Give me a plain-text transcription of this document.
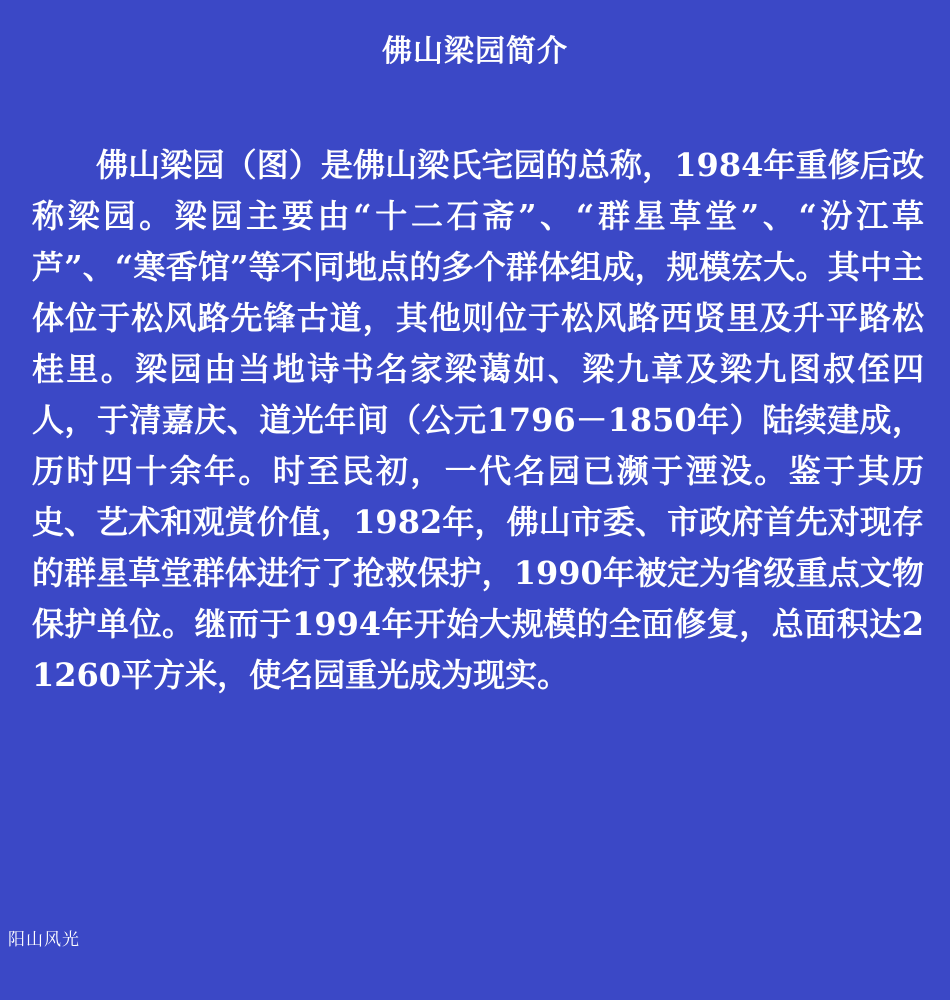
佛山梁园简介

佛山梁园（图）是佛山梁氏宅园的总称，1984年重修后改称梁园。梁园主要由“十二石斋”、“群星草堂”、“汾江草芦”、“寒香馆”等不同地点的多个群体组成，规模宏大。其中主体位于松风路先锋古道，其他则位于松风路西贤里及升平路松桂里。梁园由当地诗书名家梁蔼如、梁九章及梁九图叔侄四人，于清嘉庆、道光年间（公元1796－1850年）陆续建成，历时四十余年。时至民初，一代名园已濒于湮没。鉴于其历史、艺术和观赏价值，1982年，佛山市委、市政府首先对现存的群星草堂群体进行了抢救保护，1990年被定为省级重点文物保护单位。继而于1994年开始大规模的全面修复，总面积达21260平方米，使名园重光成为现实。

阳山风光
